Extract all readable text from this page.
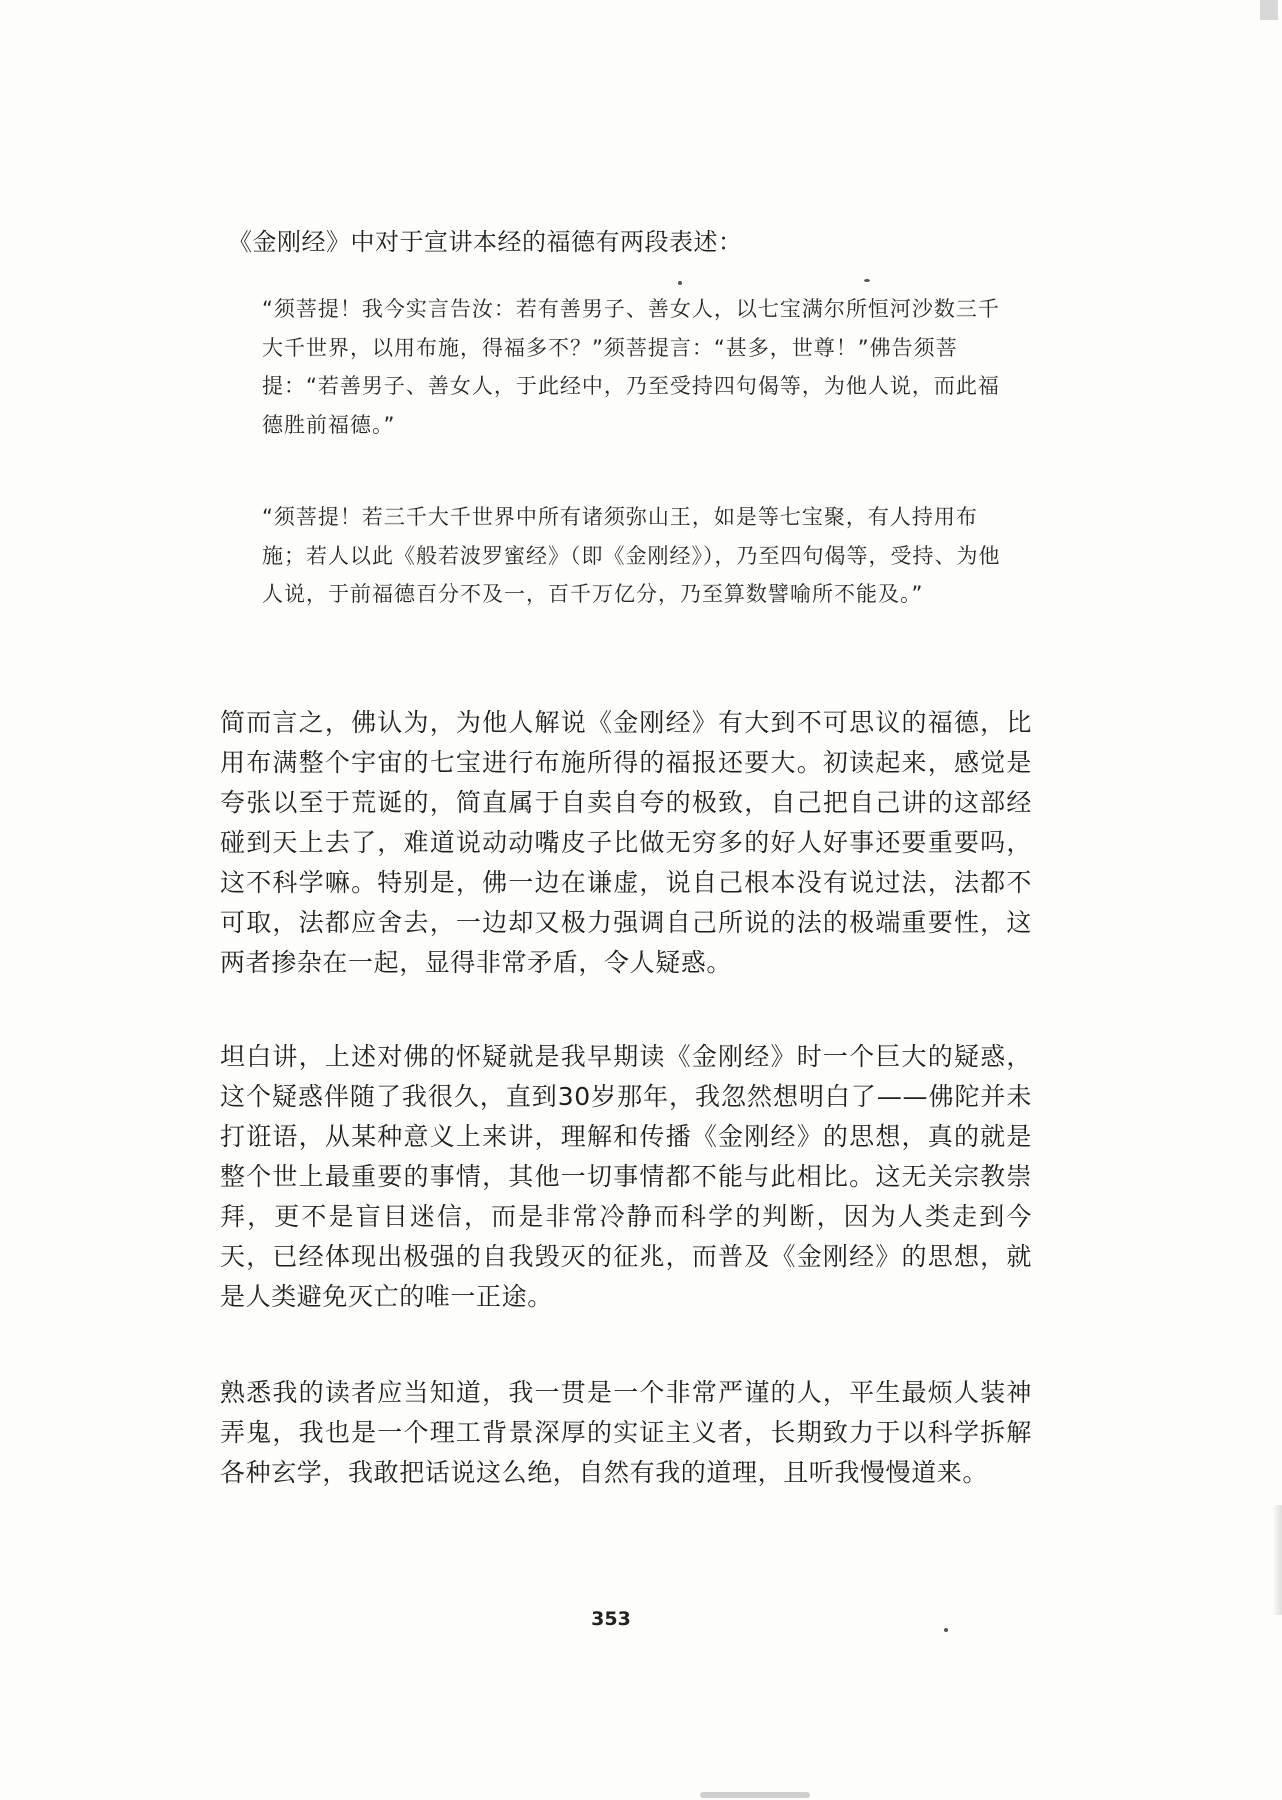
《金刚经》中对于宣讲本经的福德有两段表述：

“须菩提！我今实言告汝：若有善男子、善女人，以七宝满尔所恒河沙数三千大千世界，以用布施，得福多不？”须菩提言：“甚多，世尊！”佛告须菩提：“若善男子、善女人，于此经中，乃至受持四句偈等，为他人说，而此福德胜前福德。”

“须菩提！若三千大千世界中所有诸须弥山王，如是等七宝聚，有人持用布施；若人以此《般若波罗蜜经》（即《金刚经》），乃至四句偈等，受持、为他人说，于前福德百分不及一，百千万亿分，乃至算数譬喻所不能及。”

简而言之，佛认为，为他人解说《金刚经》有大到不可思议的福德，比用布满整个宇宙的七宝进行布施所得的福报还要大。初读起来，感觉是夸张以至于荒诞的，简直属于自卖自夸的极致，自己把自己讲的这部经碰到天上去了，难道说动动嘴皮子比做无穷多的好人好事还要重要吗，这不科学嘛。特别是，佛一边在谦虚，说自己根本没有说过法，法都不可取，法都应舍去，一边却又极力强调自己所说的法的极端重要性，这两者掺杂在一起，显得非常矛盾，令人疑惑。

坦白讲，上述对佛的怀疑就是我早期读《金刚经》时一个巨大的疑惑，这个疑惑伴随了我很久，直到30岁那年，我忽然想明白了——佛陀并未打诳语，从某种意义上来讲，理解和传播《金刚经》的思想，真的就是整个世上最重要的事情，其他一切事情都不能与此相比。这无关宗教崇拜，更不是盲目迷信，而是非常冷静而科学的判断，因为人类走到今天，已经体现出极强的自我毁灭的征兆，而普及《金刚经》的思想，就是人类避免灭亡的唯一正途。

熟悉我的读者应当知道，我一贯是一个非常严谨的人，平生最烦人装神弄鬼，我也是一个理工背景深厚的实证主义者，长期致力于以科学拆解各种玄学，我敢把话说这么绝，自然有我的道理，且听我慢慢道来。

353
